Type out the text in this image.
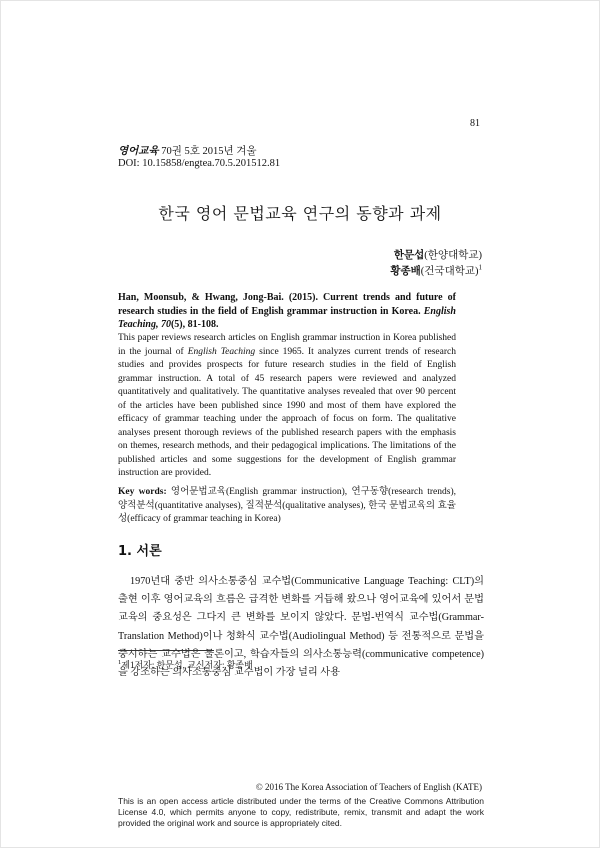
81
영어교육 70권 5호 2015년 겨울
DOI: 10.15858/engtea.70.5.201512.81
한국 영어 문법교육 연구의 동향과 과제
한문섭(한양대학교)
황종배(건국대학교)$^1$
Han, Moonsub, & Hwang, Jong-Bai. (2015). Current trends and future of research studies in the field of English grammar instruction in Korea. English Teaching, 70(5), 81-108.
This paper reviews research articles on English grammar instruction in Korea published in the journal of English Teaching since 1965. It analyzes current trends of research studies and provides prospects for future research studies in the field of English grammar instruction. A total of 45 research papers were reviewed and analyzed quantitatively and qualitatively. The quantitative analyses revealed that over 90 percent of the articles have been published since 1990 and most of them have explored the efficacy of grammar teaching under the approach of focus on form. The qualitative analyses present thorough reviews of the published research papers with the emphasis on themes, research methods, and their pedagogical implications. The limitations of the published articles and some suggestions for the development of English grammar instruction are provided.
Key words: 영어문법교육(English grammar instruction), 연구동향(research trends), 양적분석(quantitative analyses), 질적분석(qualitative analyses), 한국 문법교육의 효율성(efficacy of grammar teaching in Korea)
1. 서론
1970년대 중반 의사소통중심 교수법(Communicative Language Teaching: CLT)의 출현 이후 영어교육의 흐름은 급격한 변화를 거듭해 왔으나 영어교육에 있어서 문법교육의 중요성은 그다지 큰 변화를 보이지 않았다. 문법-번역식 교수법(Grammar-Translation Method)이나 청화식 교수법(Audiolingual Method) 등 전통적으로 문법을 중시하는 교수법은 물론이고, 학습자들의 의사소통능력(communicative competence)을 강조하는 의사소통중심 교수법이 가장 널리 사용
$^1$제1저자: 한문섭, 교신저자: 황종배
© 2016 The Korea Association of Teachers of English (KATE)
This is an open access article distributed under the terms of the Creative Commons Attribution License 4.0, which permits anyone to copy, redistribute, remix, transmit and adapt the work provided the original work and source is appropriately cited.
